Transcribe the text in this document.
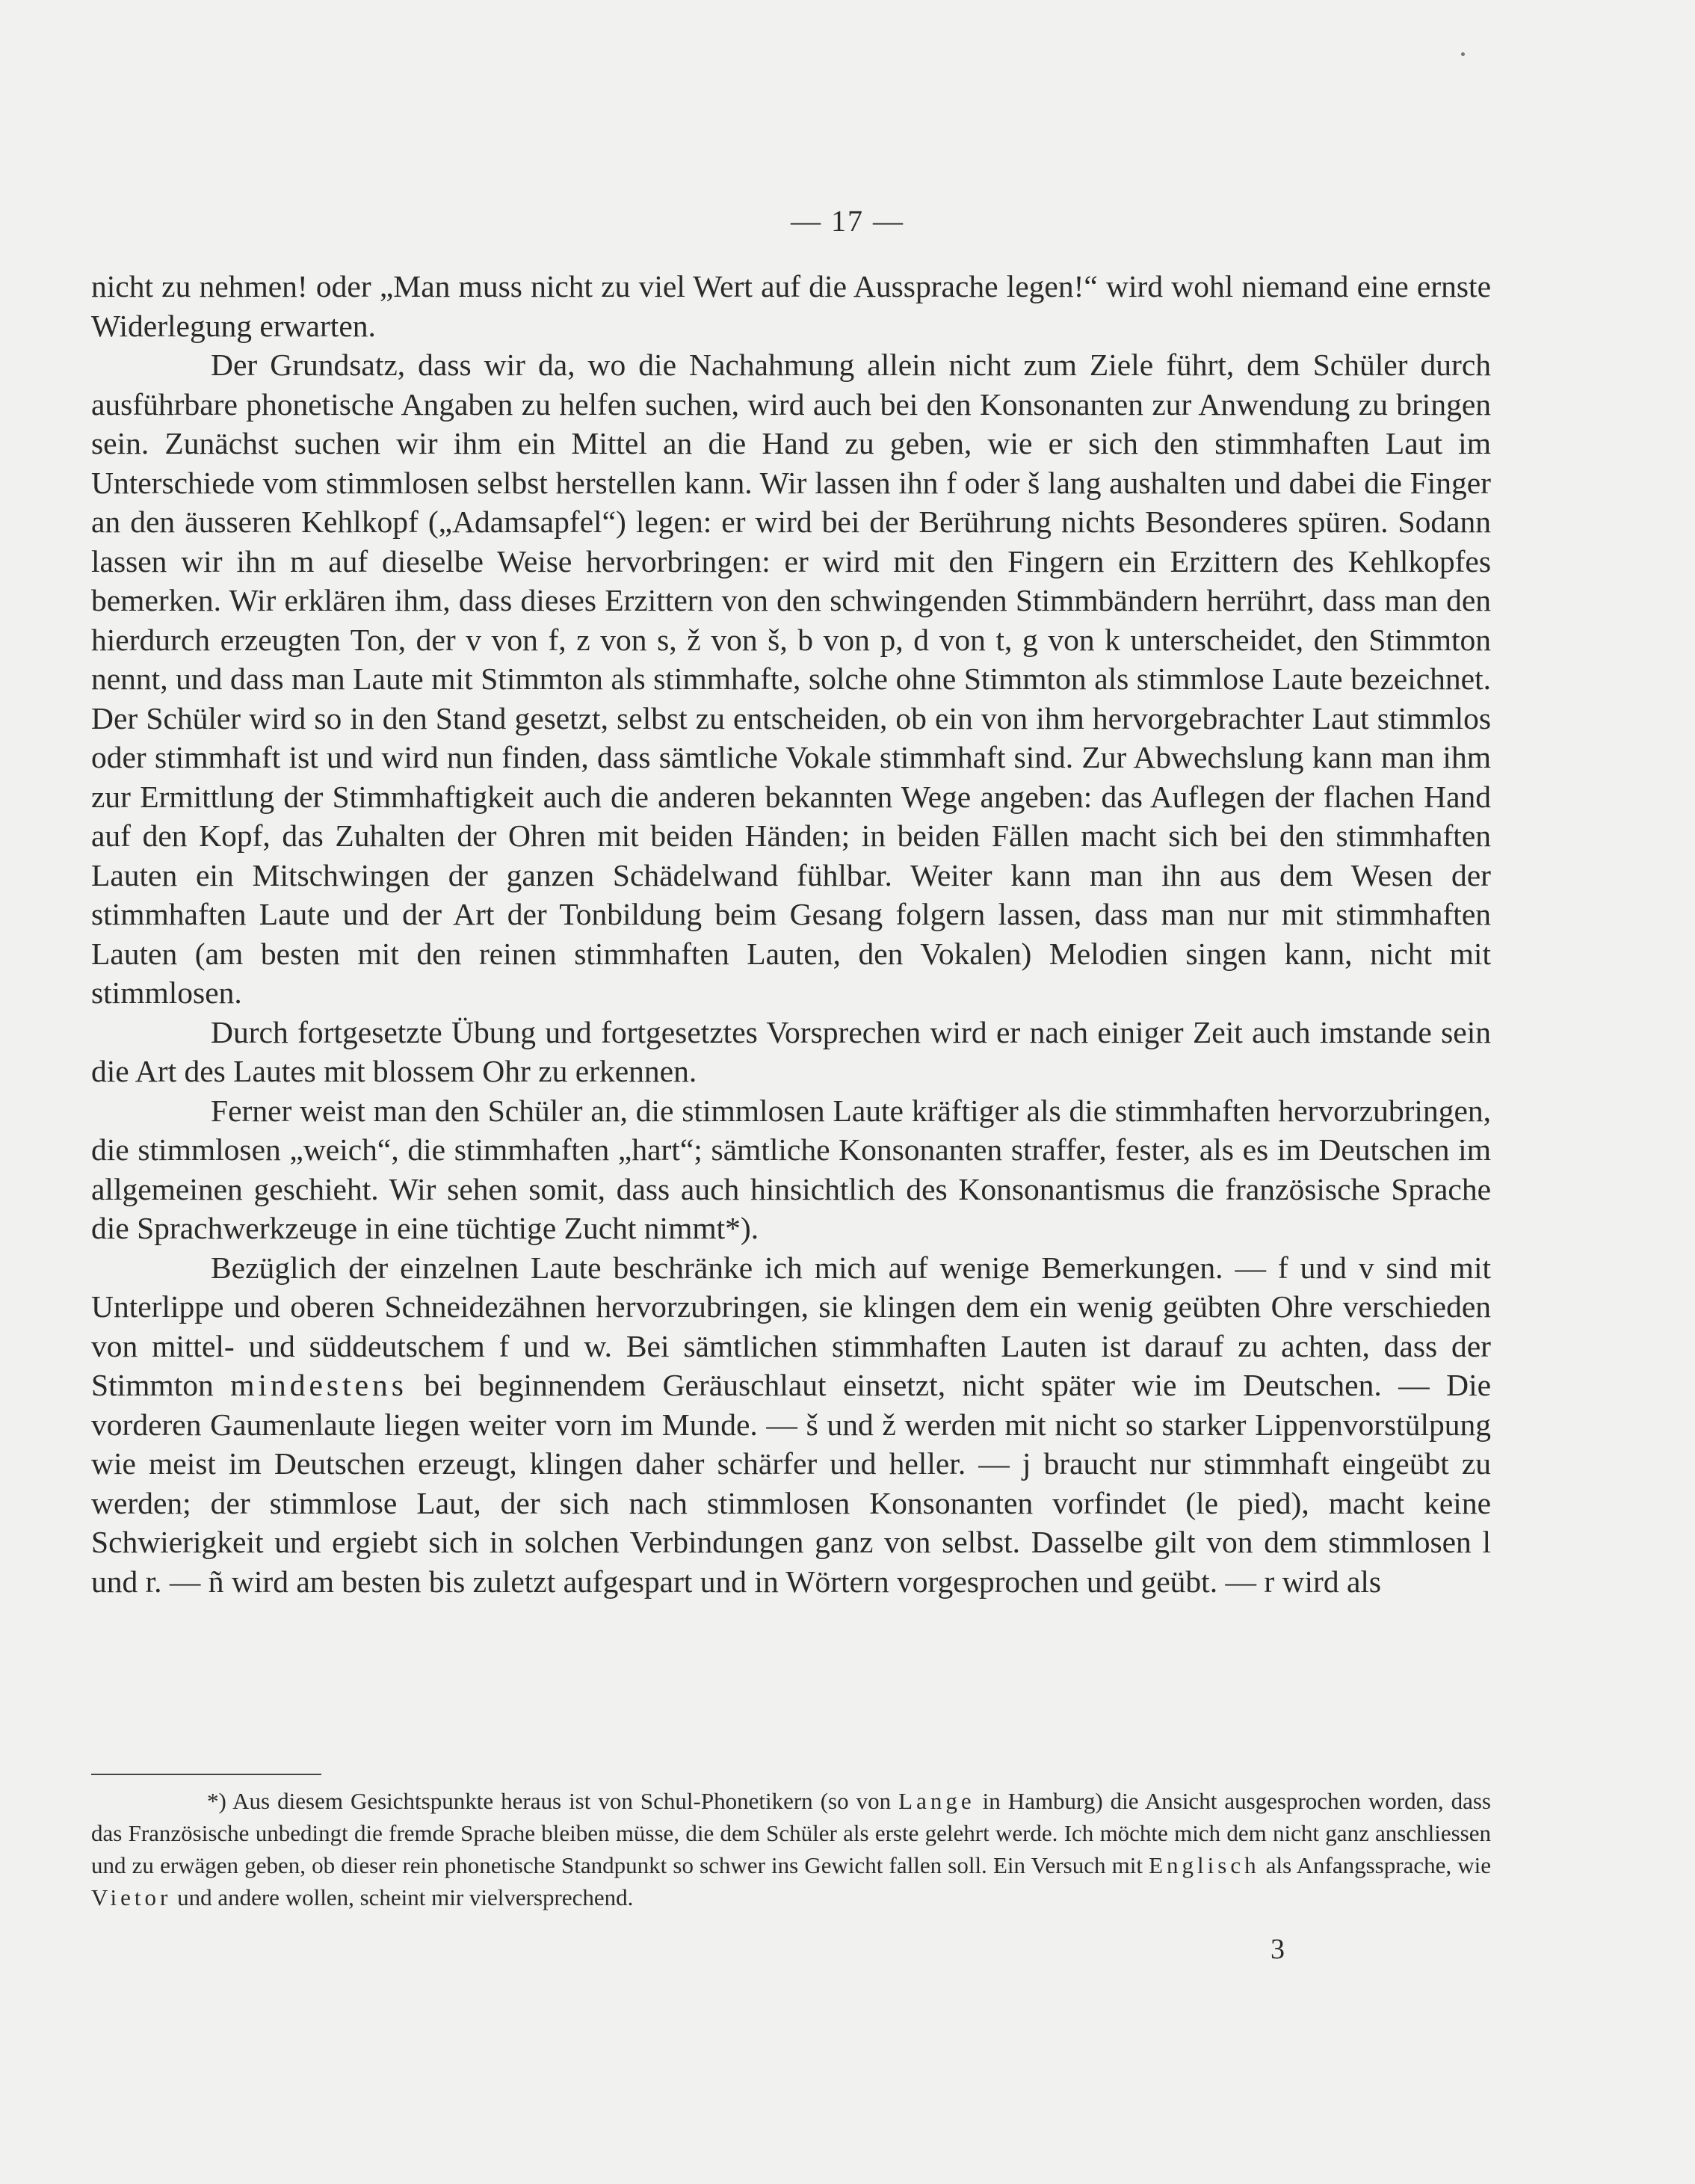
— 17 —

nicht zu nehmen! oder „Man muss nicht zu viel Wert auf die Aussprache legen!“ wird wohl niemand eine ernste Widerlegung erwarten.

Der Grundsatz, dass wir da, wo die Nachahmung allein nicht zum Ziele führt, dem Schüler durch ausführbare phonetische Angaben zu helfen suchen, wird auch bei den Konsonanten zur Anwendung zu bringen sein. Zunächst suchen wir ihm ein Mittel an die Hand zu geben, wie er sich den stimmhaften Laut im Unterschiede vom stimmlosen selbst herstellen kann. Wir lassen ihn f oder š lang aushalten und dabei die Finger an den äusseren Kehlkopf („Adamsapfel“) legen: er wird bei der Berührung nichts Besonderes spüren. Sodann lassen wir ihn m auf dieselbe Weise hervorbringen: er wird mit den Fingern ein Erzittern des Kehlkopfes bemerken. Wir erklären ihm, dass dieses Erzittern von den schwingenden Stimmbändern herrührt, dass man den hierdurch erzeugten Ton, der v von f, z von s, ž von š, b von p, d von t, g von k unterscheidet, den Stimmton nennt, und dass man Laute mit Stimmton als stimmhafte, solche ohne Stimmton als stimmlose Laute bezeichnet. Der Schüler wird so in den Stand gesetzt, selbst zu entscheiden, ob ein von ihm hervorgebrachter Laut stimmlos oder stimmhaft ist und wird nun finden, dass sämtliche Vokale stimmhaft sind. Zur Abwechslung kann man ihm zur Ermittlung der Stimmhaftigkeit auch die anderen bekannten Wege angeben: das Auflegen der flachen Hand auf den Kopf, das Zuhalten der Ohren mit beiden Händen; in beiden Fällen macht sich bei den stimmhaften Lauten ein Mitschwingen der ganzen Schädelwand fühlbar. Weiter kann man ihn aus dem Wesen der stimmhaften Laute und der Art der Tonbildung beim Gesang folgern lassen, dass man nur mit stimmhaften Lauten (am besten mit den reinen stimmhaften Lauten, den Vokalen) Melodien singen kann, nicht mit stimmlosen.

Durch fortgesetzte Übung und fortgesetztes Vorsprechen wird er nach einiger Zeit auch imstande sein die Art des Lautes mit blossem Ohr zu erkennen.

Ferner weist man den Schüler an, die stimmlosen Laute kräftiger als die stimmhaften hervorzubringen, die stimmlosen „weich“, die stimmhaften „hart“; sämtliche Konsonanten straffer, fester, als es im Deutschen im allgemeinen geschieht. Wir sehen somit, dass auch hinsichtlich des Konsonantismus die französische Sprache die Sprachwerkzeuge in eine tüchtige Zucht nimmt*).

Bezüglich der einzelnen Laute beschränke ich mich auf wenige Bemerkungen. — f und v sind mit Unterlippe und oberen Schneidezähnen hervorzubringen, sie klingen dem ein wenig geübten Ohre verschieden von mittel- und süddeutschem f und w. Bei sämtlichen stimmhaften Lauten ist darauf zu achten, dass der Stimmton mindestens bei beginnendem Geräuschlaut einsetzt, nicht später wie im Deutschen. — Die vorderen Gaumenlaute liegen weiter vorn im Munde. — š und ž werden mit nicht so starker Lippenvorstülpung wie meist im Deutschen erzeugt, klingen daher schärfer und heller. — j braucht nur stimmhaft eingeübt zu werden; der stimmlose Laut, der sich nach stimmlosen Konsonanten vorfindet (le pied), macht keine Schwierigkeit und ergiebt sich in solchen Verbindungen ganz von selbst. Dasselbe gilt von dem stimmlosen l und r. — ñ wird am besten bis zuletzt aufgespart und in Wörtern vorgesprochen und geübt. — r wird als

*) Aus diesem Gesichtspunkte heraus ist von Schul-Phonetikern (so von Lange in Hamburg) die Ansicht ausgesprochen worden, dass das Französische unbedingt die fremde Sprache bleiben müsse, die dem Schüler als erste gelehrt werde. Ich möchte mich dem nicht ganz anschliessen und zu erwägen geben, ob dieser rein phonetische Standpunkt so schwer ins Gewicht fallen soll. Ein Versuch mit Englisch als Anfangssprache, wie Vietor und andere wollen, scheint mir vielversprechend.
3
